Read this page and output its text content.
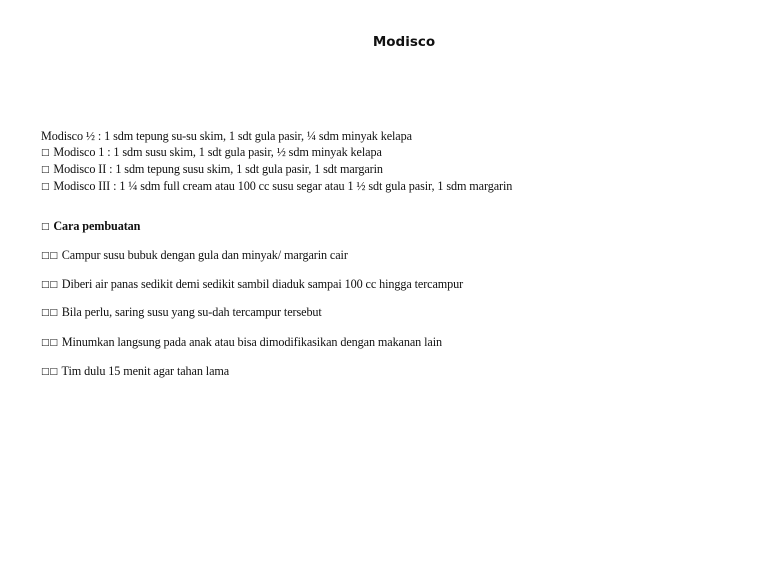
Modisco
Modisco ½ : 1 sdm tepung su-su skim, 1 sdt gula pasir, ¼ sdm minyak kelapa
□ Modisco 1 : 1 sdm susu skim, 1 sdt gula pasir, ½ sdm minyak kelapa
□ Modisco II : 1 sdm tepung susu skim, 1 sdt gula pasir, 1 sdt margarin
□ Modisco III : 1 ¼ sdm full cream atau 100 cc susu segar atau 1 ½ sdt gula pasir, 1 sdm margarin
□ Cara pembuatan
□□ Campur susu bubuk dengan gula dan minyak/ margarin cair
□□ Diberi air panas sedikit demi sedikit sambil diaduk sampai 100 cc hingga tercampur
□□ Bila perlu, saring susu yang su-dah tercampur tersebut
□□ Minumkan langsung pada anak atau bisa dimodifikasikan dengan makanan lain
□□ Tim dulu 15 menit agar tahan lama
